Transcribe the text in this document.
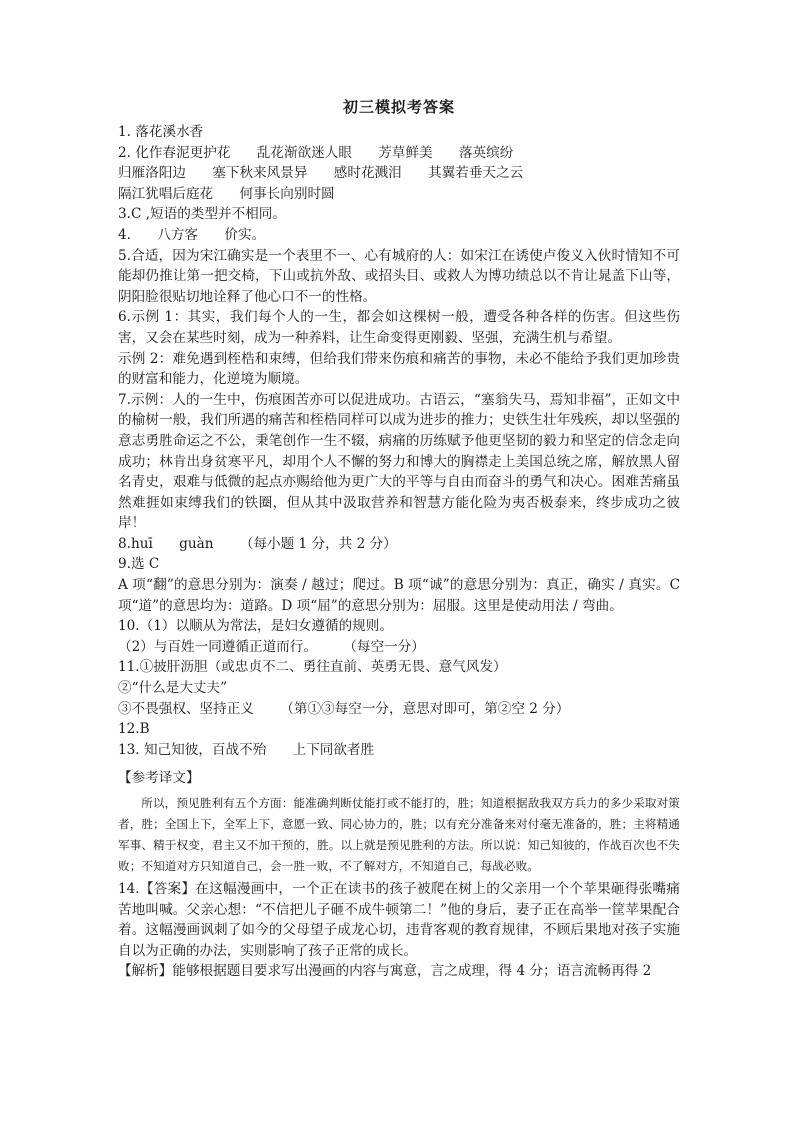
初三模拟考答案

1. 落花溪水香

2. 化作春泥更护花 乱花渐欲迷人眼 芳草鲜美 落英缤纷

归雁洛阳边 塞下秋来风景异 感时花溅泪 其翼若垂天之云

隔江犹唱后庭花 何事长向别时圆

3.C ,短语的类型并不相同。

4. 八方客 价实。

5.合适，因为宋江确实是一个表里不一、心有城府的人：如宋江在诱使卢俊义入伙时情知不可能却仍推让第一把交椅，下山或抗外敌、或招头目、或救人为博功绩总以不肯让晁盖下山等，阴阳脸很贴切地诠释了他心口不一的性格。

6.示例 1：其实，我们每个人的一生，都会如这棵树一般，遭受各种各样的伤害。但这些伤害，又会在某些时刻，成为一种养料，让生命变得更刚毅、坚强，充满生机与希望。

示例 2：难免遇到桎梏和束缚，但给我们带来伤痕和痛苦的事物，未必不能给予我们更加珍贵的财富和能力，化逆境为顺境。

7.示例：人的一生中，伤痕困苦亦可以促进成功。古语云，“塞翁失马，焉知非福”，正如文中的榆树一般，我们所遇的痛苦和桎梏同样可以成为进步的推力；史铁生壮年残疾，却以坚强的意志勇胜命运之不公，秉笔创作一生不辍，病痛的历练赋予他更坚韧的毅力和坚定的信念走向成功；林肯出身贫寒平凡，却用个人不懈的努力和博大的胸襟走上美国总统之席，解放黑人留名青史，艰难与低微的起点亦赐给他为更广大的平等与自由而奋斗的勇气和决心。困难苦痛虽然难捱如束缚我们的铁圈，但从其中汲取营养和智慧方能化险为夷否极泰来，终步成功之彼岸！

8.huī guàn （每小题 1 分，共 2 分）

9.选 C

A 项“翻”的意思分别为：演奏 / 越过；爬过。B 项“诚”的意思分别为：真正，确实 / 真实。C 项“道”的意思均为：道路。D 项“屈”的意思分别为：屈服。这里是使动用法 / 弯曲。

10.（1）以顺从为常法，是妇女遵循的规则。

（2）与百姓一同遵循正道而行。 （每空一分）

11.①披肝沥胆（或忠贞不二、勇往直前、英勇无畏、意气风发）

②“什么是大丈夫”

③不畏强权、坚持正义 （第①③每空一分，意思对即可，第②空 2 分）

12.B

13. 知己知彼，百战不殆 上下同欲者胜

【参考译文】

所以，预见胜利有五个方面：能准确判断仗能打或不能打的，胜；知道根据敌我双方兵力的多少采取对策者，胜；全国上下，全军上下，意愿一致、同心协力的，胜；以有充分准备来对付毫无准备的，胜；主将精通军事、精于权变，君主又不加干预的，胜。以上就是预见胜利的方法。所以说：知己知彼的，作战百次也不失败；不知道对方只知道自己，会一胜一败，不了解对方，不知道自己，每战必败。

14.【答案】在这幅漫画中，一个正在读书的孩子被爬在树上的父亲用一个个苹果砸得张嘴痛苦地叫喊。父亲心想：“不信把儿子砸不成牛顿第二！”他的身后，妻子正在高举一筐苹果配合着。这幅漫画讽刺了如今的父母望子成龙心切，违背客观的教育规律，不顾后果地对孩子实施自以为正确的办法，实则影响了孩子正常的成长。

【解析】能够根据题目要求写出漫画的内容与寓意，言之成理，得 4 分；语言流畅再得 2
